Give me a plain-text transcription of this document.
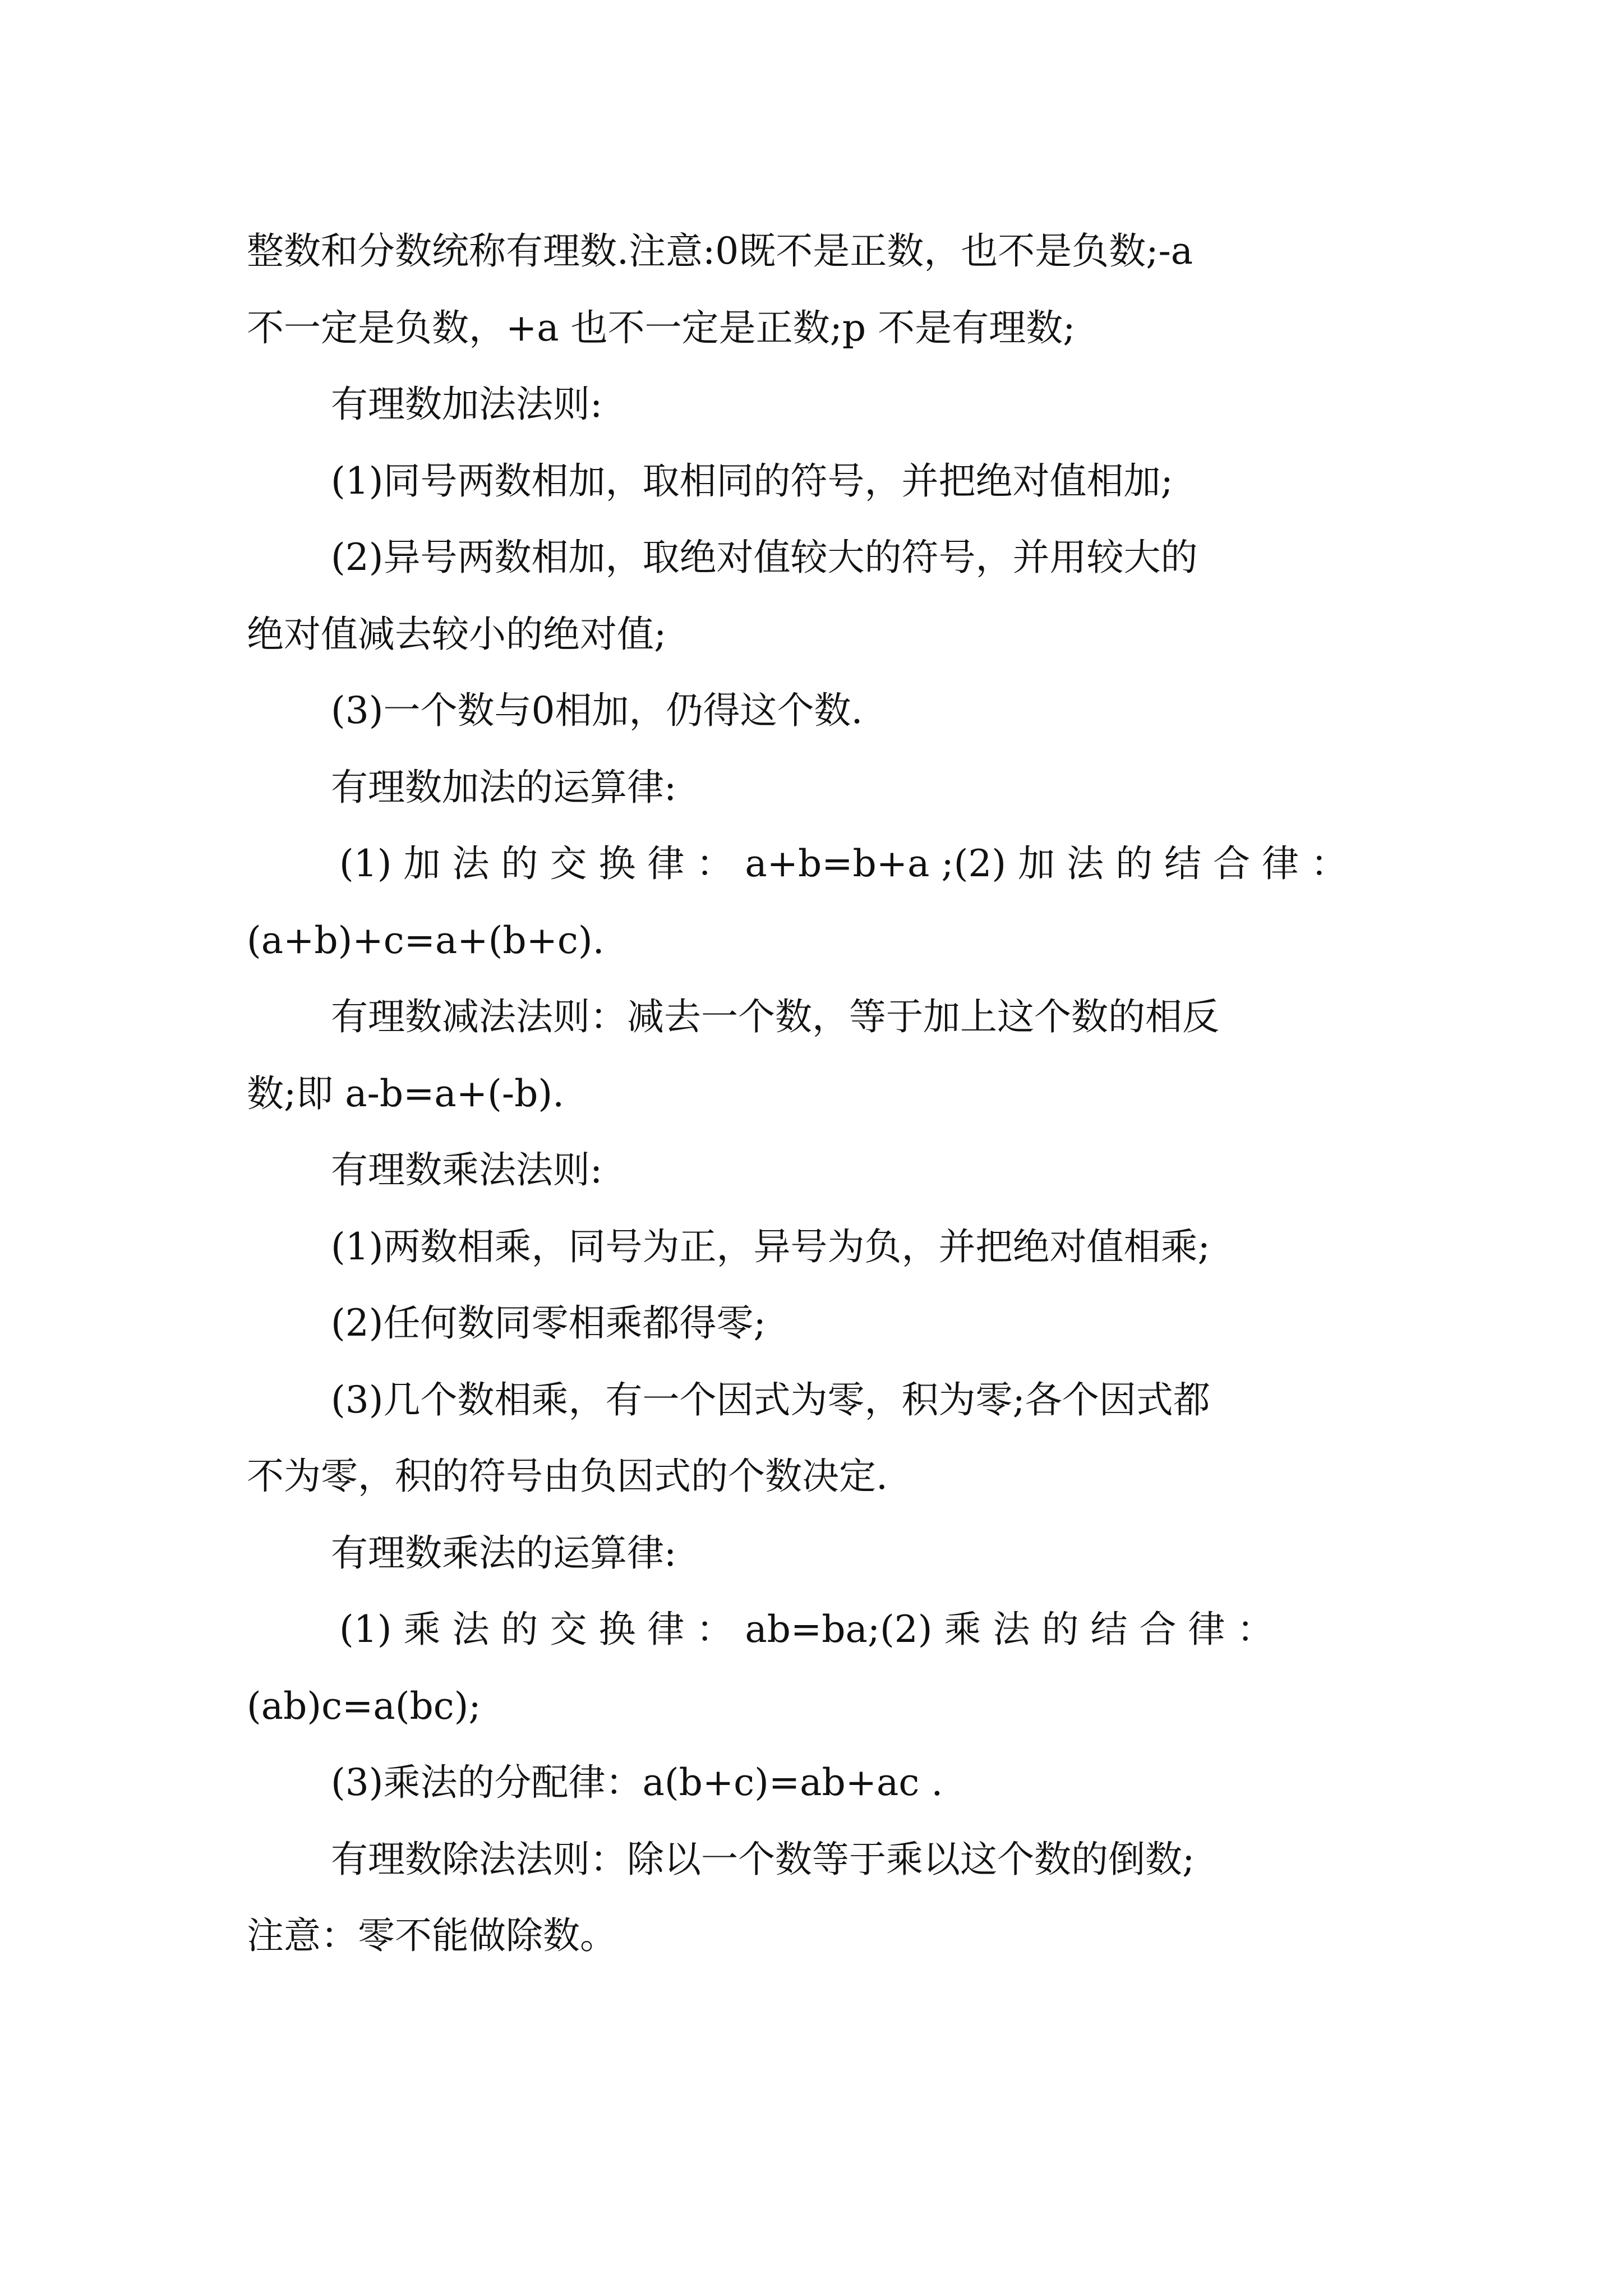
整数和分数统称有理数.注意:0既不是正数，也不是负数;-a
不一定是负数，+a 也不一定是正数;p 不是有理数;
有理数加法法则:
(1)同号两数相加，取相同的符号，并把绝对值相加;
(2)异号两数相加，取绝对值较大的符号，并用较大的
绝对值减去较小的绝对值;
(3)一个数与0相加，仍得这个数.
有理数加法的运算律:
(1) 加 法 的 交 换 律 ： a+b=b+a ;(2) 加 法 的 结 合 律 ：
(a+b)+c=a+(b+c).
有理数减法法则：减去一个数，等于加上这个数的相反
数;即 a-b=a+(-b).
有理数乘法法则:
(1)两数相乘，同号为正，异号为负，并把绝对值相乘;
(2)任何数同零相乘都得零;
(3)几个数相乘，有一个因式为零，积为零;各个因式都
不为零，积的符号由负因式的个数决定.
有理数乘法的运算律:
(1) 乘 法 的 交 换 律 ： ab=ba;(2) 乘 法 的 结 合 律 ：
(ab)c=a(bc);
(3)乘法的分配律：a(b+c)=ab+ac .
有理数除法法则：除以一个数等于乘以这个数的倒数;
注意：零不能做除数。
